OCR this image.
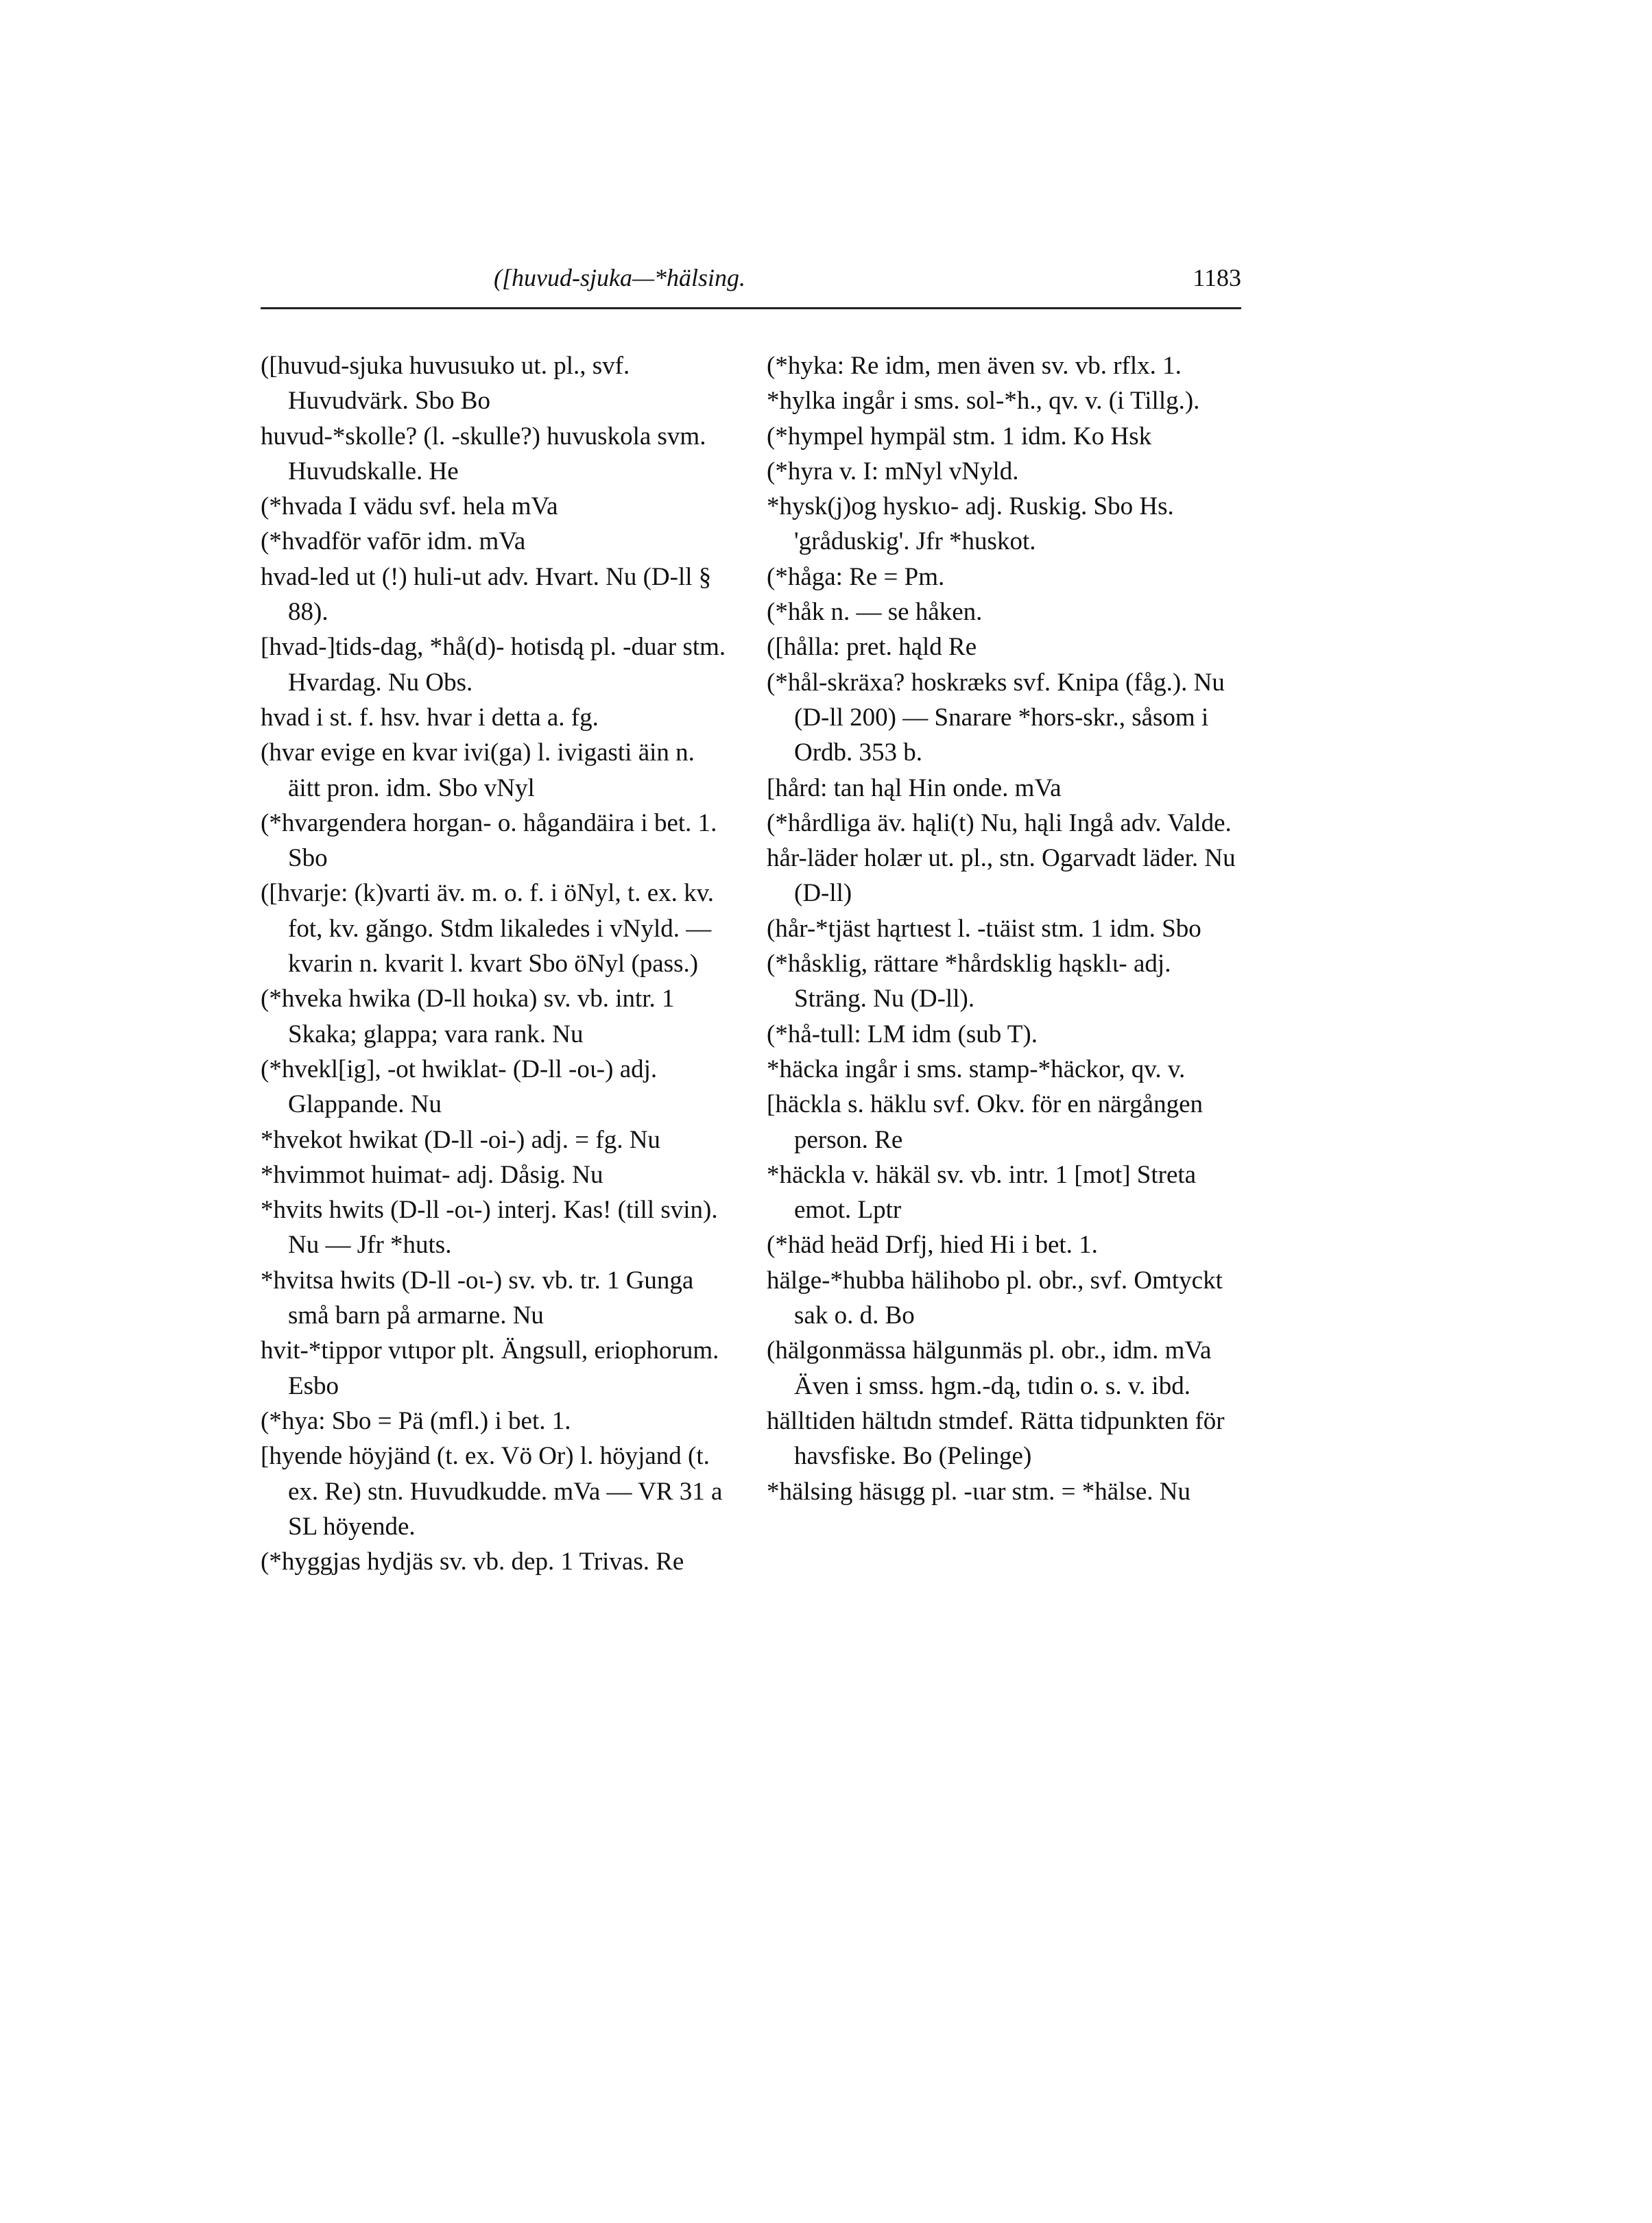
([huvud-sjuka—*hälsing.	1183

([huvud-sjuka huvusɩuko ut. pl., svf. Huvudvärk. Sbo Bo

huvud-*skolle? (l. -skulle?) huvuskola svm. Huvudskalle. He

(*hvada I vädu svf. hela mVa

(*hvadför vafōr idm. mVa

hvad-led ut (!) huli-ut adv. Hvart. Nu (D-ll § 88).

[hvad-]tids-dag, *hå(d)- hotisdą pl. -duar stm. Hvardag. Nu Obs.

hvad i st. f. hsv. hvar i detta a. fg.

(hvar evige en kvar ivi(ga) l. ivigasti äin n. äitt pron. idm. Sbo vNyl

(*hvargendera horgan- o. hågandäira i bet. 1. Sbo

([hvarje: (k)varti äv. m. o. f. i öNyl, t. ex. kv. fot, kv. gǎngo. Stdm likaledes i vNyld. — kvarin n. kvarit l. kvart Sbo öNyl (pass.)

(*hveka hwika (D-ll hoɩka) sv. vb. intr. 1 Skaka; glappa; vara rank. Nu

(*hvekl[ig], -ot hwiklat- (D-ll -oɩ-) adj. Glappande. Nu

*hvekot hwikat (D-ll -oi-) adj. = fg. Nu

*hvimmot huimat- adj. Dåsig. Nu

*hvits hwits (D-ll -oɩ-) interj. Kas! (till svin). Nu — Jfr *huts.

*hvitsa hwits (D-ll -oɩ-) sv. vb. tr. 1 Gunga små barn på armarne. Nu

hvit-*tippor vɩtɩpor plt. Ängsull, eriophorum. Esbo

(*hya: Sbo = Pä (mfl.) i bet. 1.

[hyende höyjänd (t. ex. Vö Or) l. höyjand (t. ex. Re) stn. Huvudkudde. mVa — VR 31 a SL höyende.

(*hyggjas hydjäs sv. vb. dep. 1 Trivas. Re

(*hyka: Re idm, men även sv. vb. rflx. 1.

*hylka ingår i sms. sol-*h., qv. v. (i Tillg.).

(*hympel hympäl stm. 1 idm. Ko Hsk

(*hyra v. I: mNyl vNyld.

*hysk(j)og hyskɩo- adj. Ruskig. Sbo Hs. 'gråduskig'. Jfr *huskot.

(*håga: Re = Pm.

(*håk n. — se håken.

([hålla: pret. hąld Re

(*hål-skräxa? hoskræks svf. Knipa (fåg.). Nu (D-ll 200) — Snarare *hors-skr., såsom i Ordb. 353 b.

[hård: tan hąl Hin onde. mVa

(*hårdliga äv. hąli(t) Nu, hąli Ingå adv. Valde.

hår-läder holær ut. pl., stn. Ogarvadt läder. Nu (D-ll)

(hår-*tjäst hąrtɩest l. -tɩäist stm. 1 idm. Sbo

(*håsklig, rättare *hårdsklig hąsklɩ- adj. Sträng. Nu (D-ll).

(*hå-tull: LM idm (sub T).

*häcka ingår i sms. stamp-*häckor, qv. v.

[häckla s. häklu svf. Okv. för en närgången person. Re

*häckla v. häkäl sv. vb. intr. 1 [mot] Streta emot. Lptr

(*häd heäd Drfj, hied Hi i bet. 1.

hälge-*hubba hälihobo pl. obr., svf. Omtyckt sak o. d. Bo

(hälgonmässa hälgunmäs pl. obr., idm. mVa Även i smss. hgm.-dą, tɩdin o. s. v. ibd.

hälltiden hältɩdn stmdef. Rätta tidpunkten för havsfiske. Bo (Pelinge)

*hälsing häsɩgg pl. -ɩɩar stm. = *hälse. Nu
